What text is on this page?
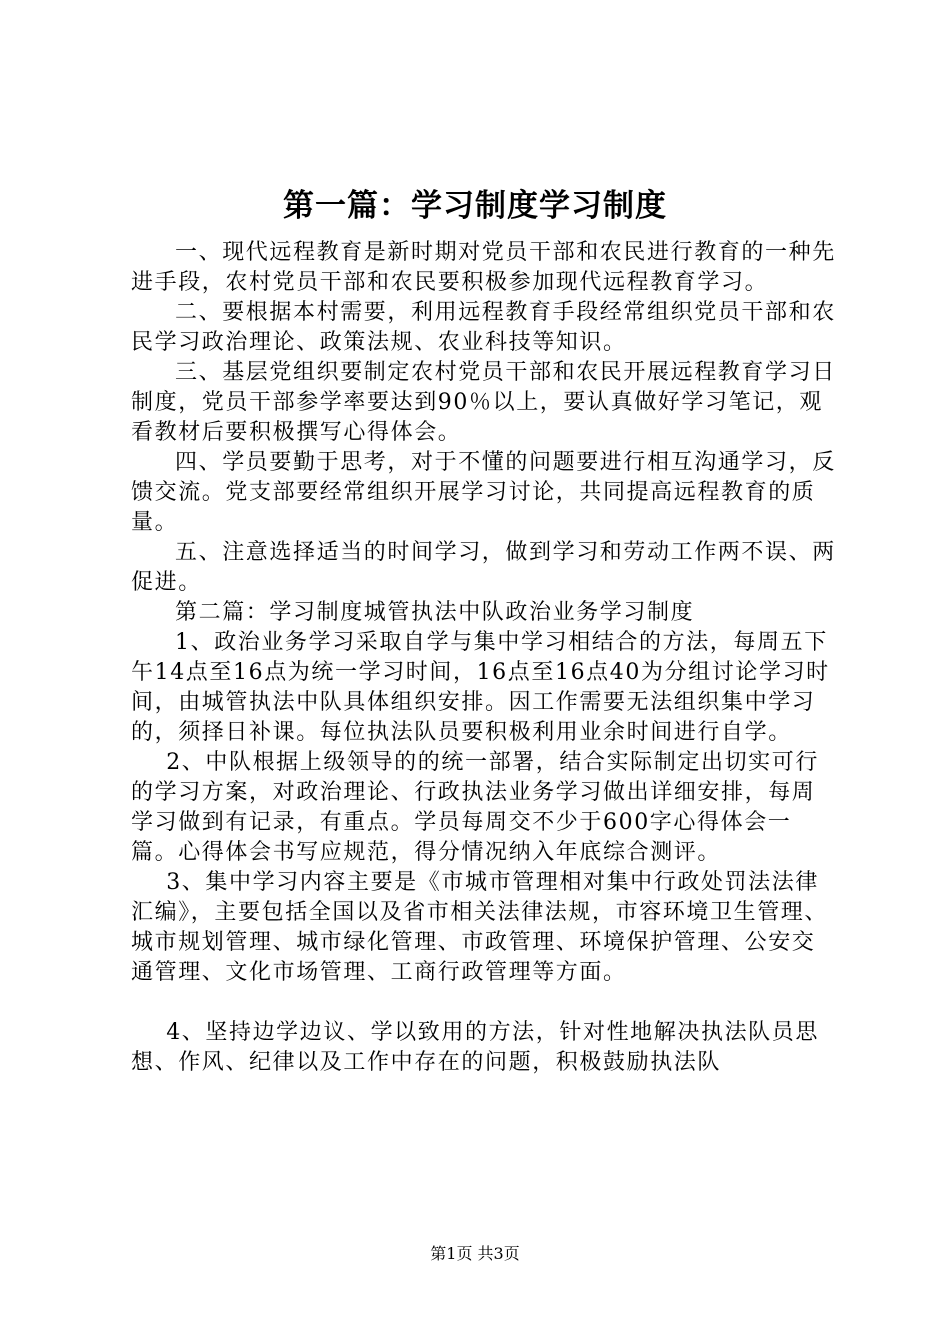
第一篇：学习制度学习制度

一、现代远程教育是新时期对党员干部和农民进行教育的一种先进手段，农村党员干部和农民要积极参加现代远程教育学习。

二、要根据本村需要，利用远程教育手段经常组织党员干部和农民学习政治理论、政策法规、农业科技等知识。

三、基层党组织要制定农村党员干部和农民开展远程教育学习日制度，党员干部参学率要达到90％以上，要认真做好学习笔记，观看教材后要积极撰写心得体会。

四、学员要勤于思考，对于不懂的问题要进行相互沟通学习，反馈交流。党支部要经常组织开展学习讨论，共同提高远程教育的质量。

五、注意选择适当的时间学习，做到学习和劳动工作两不误、两促进。

第二篇：学习制度城管执法中队政治业务学习制度

1、政治业务学习采取自学与集中学习相结合的方法，每周五下午14点至16点为统一学习时间，16点至16点40为分组讨论学习时间，由城管执法中队具体组织安排。因工作需要无法组织集中学习的，须择日补课。每位执法队员要积极利用业余时间进行自学。

2、中队根据上级领导的的统一部署，结合实际制定出切实可行的学习方案，对政治理论、行政执法业务学习做出详细安排，每周学习做到有记录，有重点。学员每周交不少于600字心得体会一篇。心得体会书写应规范，得分情况纳入年底综合测评。

3、集中学习内容主要是《市城市管理相对集中行政处罚法法律汇编》，主要包括全国以及省市相关法律法规，市容环境卫生管理、城市规划管理、城市绿化管理、市政管理、环境保护管理、公安交通管理、文化市场管理、工商行政管理等方面。

4、坚持边学边议、学以致用的方法，针对性地解决执法队员思想、作风、纪律以及工作中存在的问题，积极鼓励执法队

第1页 共3页
